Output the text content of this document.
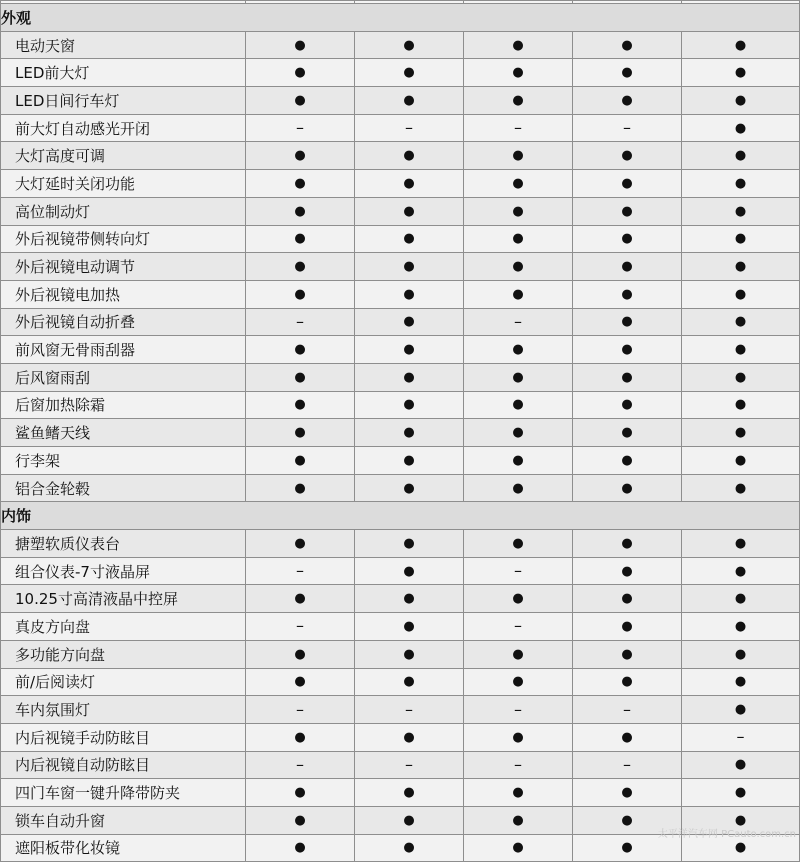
外观					
电动天窗	●	●	●	●	●
LED前大灯	●	●	●	●	●
LED日间行车灯	●	●	●	●	●
前大灯自动感光开闭	–	–	–	–	●
大灯高度可调	●	●	●	●	●
大灯延时关闭功能	●	●	●	●	●
高位制动灯	●	●	●	●	●
外后视镜带侧转向灯	●	●	●	●	●
外后视镜电动调节	●	●	●	●	●
外后视镜电加热	●	●	●	●	●
外后视镜自动折叠	–	●	–	●	●
前风窗无骨雨刮器	●	●	●	●	●
后风窗雨刮	●	●	●	●	●
后窗加热除霜	●	●	●	●	●
鲨鱼鳍天线	●	●	●	●	●
行李架	●	●	●	●	●
铝合金轮毂	●	●	●	●	●
内饰					
搪塑软质仪表台	●	●	●	●	●
组合仪表-7寸液晶屏	–	●	–	●	●
10.25寸高清液晶中控屏	●	●	●	●	●
真皮方向盘	–	●	–	●	●
多功能方向盘	●	●	●	●	●
前/后阅读灯	●	●	●	●	●
车内氛围灯	–	–	–	–	●
内后视镜手动防眩目	●	●	●	●	–
内后视镜自动防眩目	–	–	–	–	●
四门车窗一键升降带防夹	●	●	●	●	●
锁车自动升窗	●	●	●	●	●
遮阳板带化妆镜	●	●	●	●	●
太平洋汽车网 PCauto.com.cn
